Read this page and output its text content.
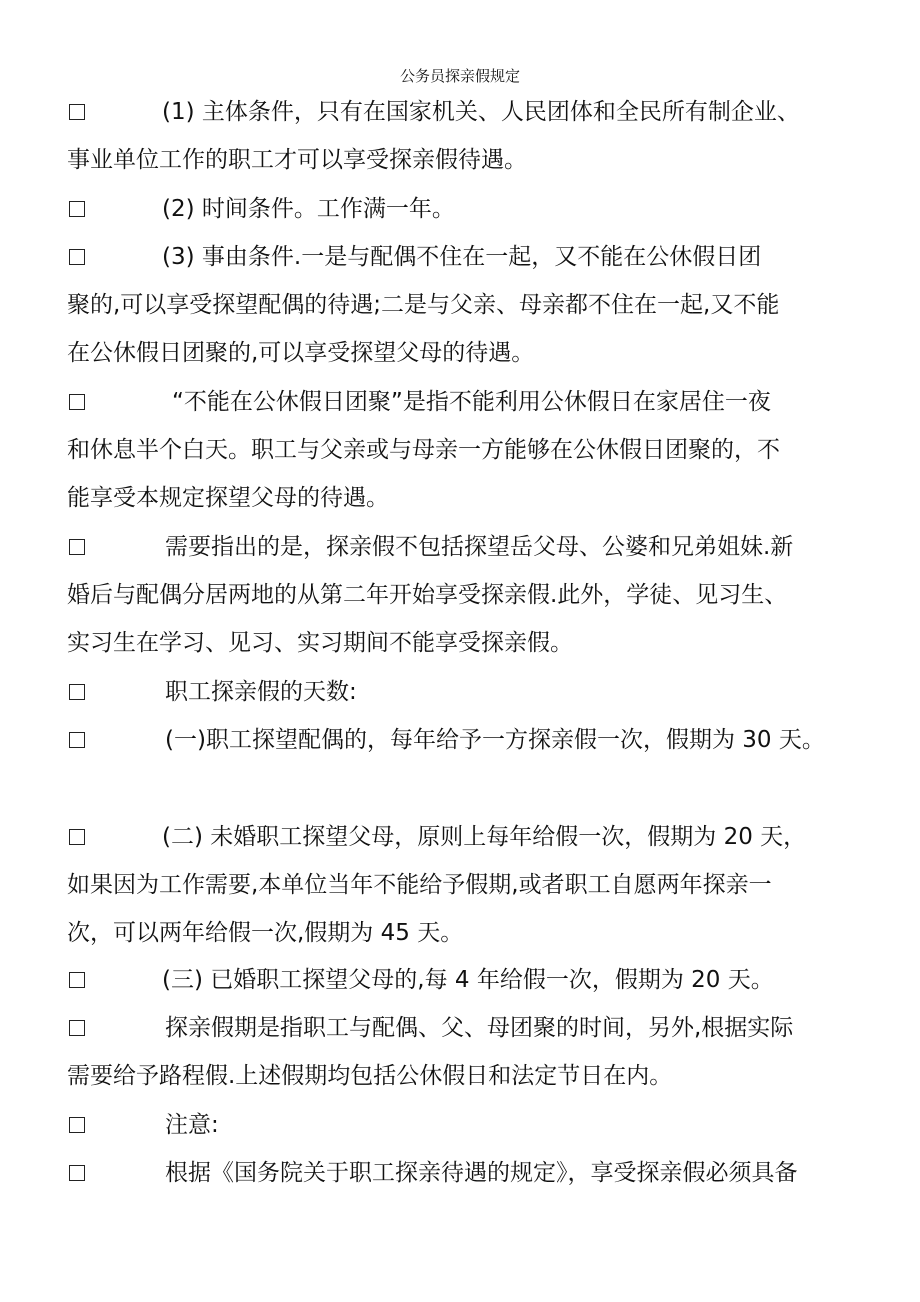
公务员探亲假规定
(1) 主体条件，只有在国家机关、人民团体和全民所有制企业、
事业单位工作的职工才可以享受探亲假待遇。
(2) 时间条件。工作满一年。
(3) 事由条件.一是与配偶不住在一起，又不能在公休假日团
聚的,可以享受探望配偶的待遇;二是与父亲、母亲都不住在一起,又不能
在公休假日团聚的,可以享受探望父母的待遇。
“不能在公休假日团聚”是指不能利用公休假日在家居住一夜
和休息半个白天。职工与父亲或与母亲一方能够在公休假日团聚的，不
能享受本规定探望父母的待遇。
需要指出的是，探亲假不包括探望岳父母、公婆和兄弟姐妹.新
婚后与配偶分居两地的从第二年开始享受探亲假.此外，学徒、见习生、
实习生在学习、见习、实习期间不能享受探亲假。
职工探亲假的天数:
(一)职工探望配偶的，每年给予一方探亲假一次，假期为 30 天。
(二) 未婚职工探望父母，原则上每年给假一次，假期为 20 天，
如果因为工作需要,本单位当年不能给予假期,或者职工自愿两年探亲一
次，可以两年给假一次,假期为 45 天。
(三) 已婚职工探望父母的,每 4 年给假一次，假期为 20 天。
探亲假期是指职工与配偶、父、母团聚的时间，另外,根据实际
需要给予路程假.上述假期均包括公休假日和法定节日在内。
注意:
根据《国务院关于职工探亲待遇的规定》，享受探亲假必须具备
